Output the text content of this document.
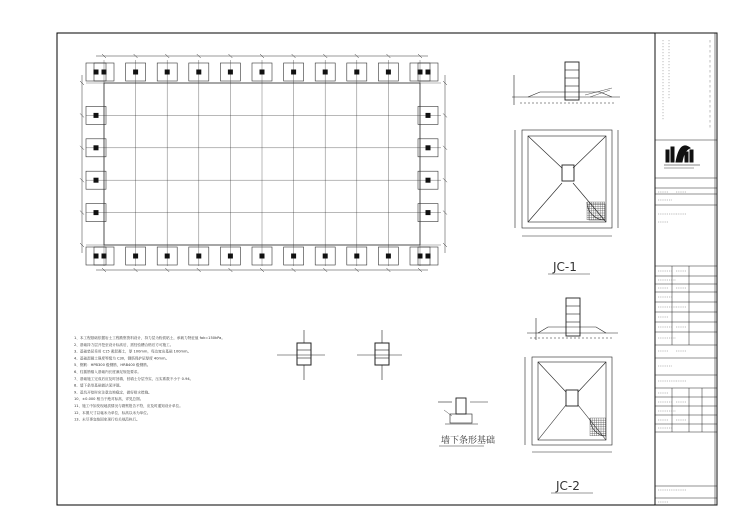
JC-1
JC-2
墙下条形基础
1、本工程基础依据岩土工程勘察资料设计，持力层为粉质粘土，承载力特征值 fak=150kPa。
2、基础持力层开挖至设计标高后，需经验槽合格后方可施工。
3、基础垫层采用 C15 素混凝土，厚 100mm，每边宽出基础 100mm。
4、基础混凝土强度等级为 C30，钢筋保护层厚度 40mm。
5、钢筋：HPB300 级钢筋，HRB400 级钢筋。
6、柱插筋锚入基础内长度满足规范要求。
7、基础施工完成后应及时回填，回填土分层夯实，压实系数不小于 0.94。
8、墙下条形基础做法见详图。
9、基坑开挖时应注意边坡稳定，做好排水措施。
10、±0.000 相当于绝对标高，详见总图。
11、施工中如发现地质情况与勘察报告不符，应及时通知设计单位。
12、本图尺寸以毫米为单位，标高以米为单位。
13、未尽事宜按国家现行有关规范执行。
